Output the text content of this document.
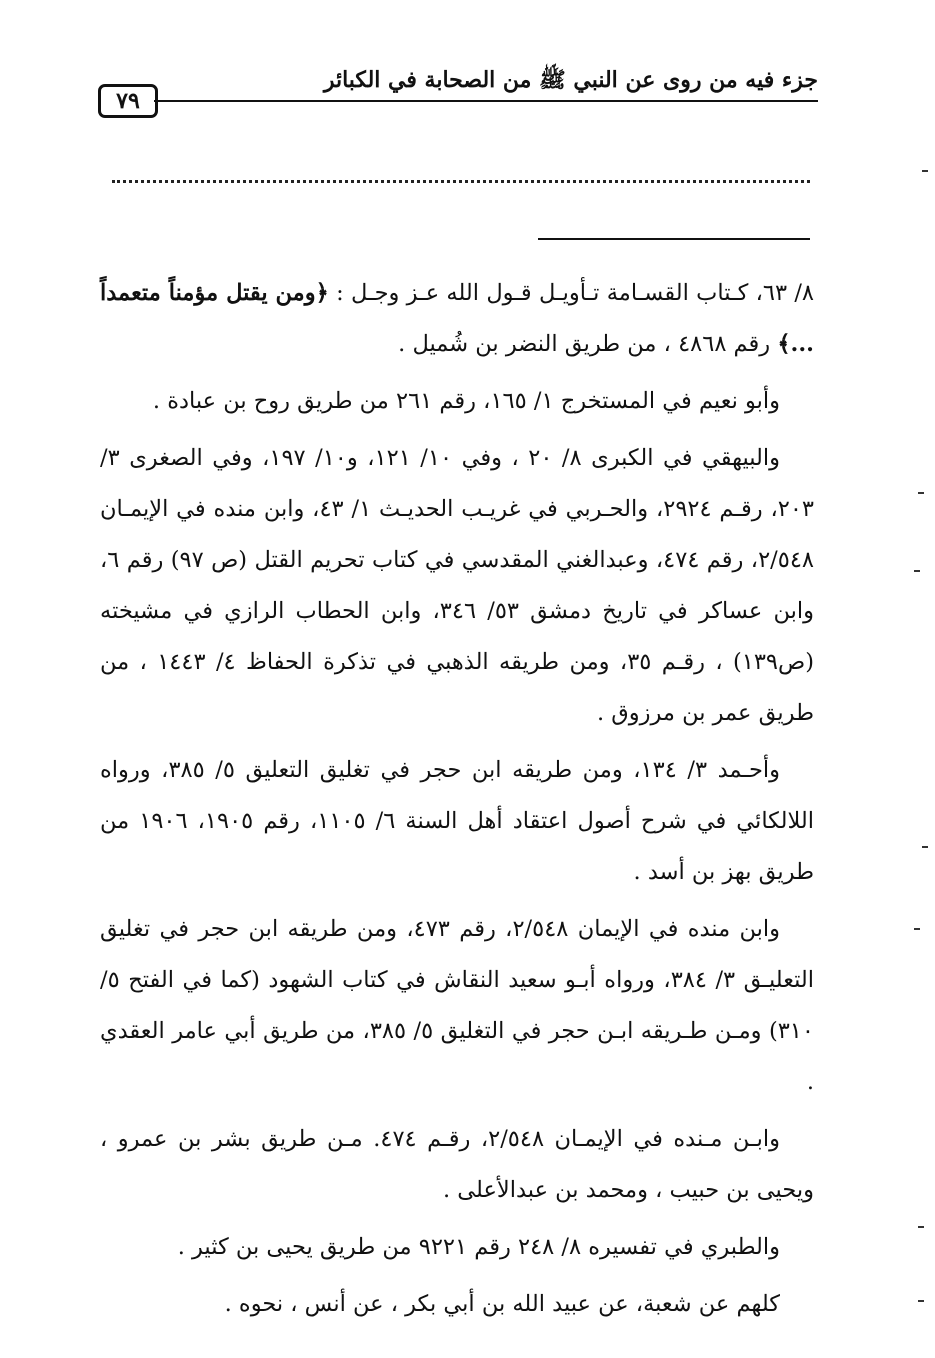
جزء فيه من روى عن النبي ﷺ من الصحابة في الكبائر
٧٩

٨/ ٦٣، كـتاب القسـامة تـأويـل قـول الله عـز وجـل : ﴿ومن يقتل مؤمناً متعمداً ...﴾ رقم ٤٨٦٨ ، من طريق النضر بن شُميل .

وأبو نعيم في المستخرج ١/ ١٦٥، رقم ٢٦١ من طريق روح بن عبادة .

والبيهقي في الكبرى ٨/ ٢٠ ، وفي ١٠/ ١٢١، و١٠/ ١٩٧، وفي الصغرى ٣/ ٢٠٣، رقـم ٢٩٢٤، والحـربي في غريـب الحديـث ١/ ٤٣، وابن منده في الإيمـان ٢/٥٤٨، رقم ٤٧٤، وعبدالغني المقدسي في كتاب تحريم القتل (ص ٩٧) رقم ٦، وابن عساكر في تاريخ دمشق ٥٣/ ٣٤٦، وابن الحطاب الرازي في مشيخته (ص١٣٩) ، رقـم ٣٥، ومن طريقه الذهبي في تذكرة الحفاظ ٤/ ١٤٤٣ ، من طريق عمر بن مرزوق .

وأحـمد ٣/ ١٣٤، ومن طريقه ابن حجر في تغليق التعليق ٥/ ٣٨٥، ورواه اللالكائي في شرح أصول اعتقاد أهل السنة ٦/ ١١٠٥، رقم ١٩٠٥، ١٩٠٦ من طريق بهز بن أسد .

وابن منده في الإيمان ٢/٥٤٨، رقم ٤٧٣، ومن طريقه ابن حجر في تغليق التعليـق ٣/ ٣٨٤، ورواه أبـو سعيد النقاش في كتاب الشهود (كما في الفتح ٥/ ٣١٠) ومـن طـريقه ابـن حجر في التغليق ٥/ ٣٨٥، من طريق أبي عامر العقدي .

وابـن مـنده في الإيمـان ٢/٥٤٨، رقـم ٤٧٤. مـن طريق بشر بن عمرو ، ويحيى بن حبيب ، ومحمد بن عبدالأعلى .

والطبري في تفسيره ٨/ ٢٤٨ رقم ٩٢٢١ من طريق يحيى بن كثير .

كلهم عن شعبة، عن عبيد الله بن أبي بكر ، عن أنس ، نحوه .
